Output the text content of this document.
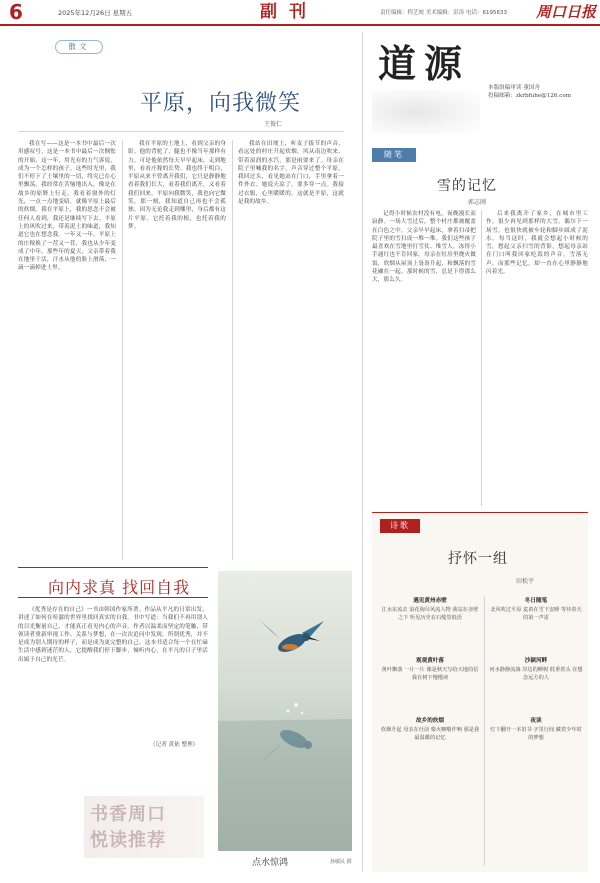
6	2025年12月26日 星期五	副刊	责任编辑：程艺皎 美术编辑：彭涛 电话：6195633 周口日报
散文
平原，向我微笑
王俊仁

我在写——这是一本书中最后一次用感叹号，这是一本书中最后一次惆怅的开始。这一年，用光有的力气诉说，成为一个怎样的孩子。这些时光里，我们不停下了土壤里的一切，终究已在心里飘荡。我经常在苦恼地出入，像是在故乡的原野上行走。我看着窗外的灯光，一点一点地变暗，就像平原上最后的炊烟。我在平原上，我的思念不会被任何人看到，我还是继续写下去。平原上的风吹过来，带着泥土的味道，我知道它也在想念我。一年又一年，平原上的庄稼换了一茬又一茬，我也从少年变成了中年。那些年的夏天，父亲带着我在地里干活，汗水从他的脸上滑落，一滴一滴掉进土里。

我在平原的土地上，看到父亲的身影。他的背驼了，腿也不像当年那样有力。可是他依然每天早早起床，走到地里，看看庄稼的长势。我也终于明白，平原从来不曾离开我们，它只是静静地看着我们长大，看着我们离开，又看着我们回来。平原向我微笑，我也向它微笑。那一刻，我知道自己再也不会孤独。因为无论我走到哪里，身后都有这片平原。它托着我的根，也托着我的梦。

我站在田埂上，听麦子拔节的声音，看远处的村庄升起炊烟。风从南边吹来，带着湿润的水汽，那是雨要来了。母亲在院子里喊我的名字，声音穿过整个平原。我回过头，看见她站在门口，手里拿着一件外衣。她说天凉了，要多穿一点。我接过衣服，心里暖暖的。这就是平原，这就是我的故乡。

向内求真 找回自我

《优秀是存在的自己》一书由韩国作家所著。作品从平凡的日常出发，讲述了如何在喧嚣的世界里找回真实的自我。书中写道：当我们不再用别人的目光衡量自己，才能真正看见内心的声音。作者以温柔而坚定的笔触，带领读者重新审视工作、关系与梦想，在一次次追问中发现，所谓优秀，并不是成为别人期待的样子，而是成为更完整的自己。这本书适合每一个在忙碌生活中感到迷茫的人，它提醒我们停下脚步，倾听内心，在平凡的日子里活出属于自己的光芒。

（记者 黄依 整理）
书香周口
悦读推荐
点水惊鸿	孙敏民 摄
道源
本版组稿审读 董国舟
投稿邮箱：zkrbfuhe@126.com
随笔
雪的记忆
郭志刚

记得小时候农村没有电，夜晚漫长而寂静。一场大雪过后，整个村庄都被覆盖在白色之中。父亲早早起床，拿着扫帚把院子里的雪扫成一堆一堆。我们这些孩子最喜欢在雪地里打雪仗、堆雪人，冻得小手通红也不肯回家。母亲在灶房里烧火做饭，炊烟从屋顶上袅袅升起，和飘落的雪花融在一起。那时候的雪，总是下得那么大，那么久。

后来我离开了家乡，在城市里工作，很少再见到那样的大雪。偶尔下一场雪，也很快就被车轮和脚步踩成了泥水。每当这时，我就会想起小时候的雪，想起父亲扫雪的背影，想起母亲站在门口叫我回家吃饭的声音。雪落无声，而那些记忆，却一直在心里静静地闪着光。

诗歌
抒怀一组
田松平
遇见黄州赤壁
江水东流去 浪花淘尽风流人物 我站在赤壁之下 听见历史在石缝里低语
观观黄叶落
黄叶飘落 一片一片 像是秋天写给大地的信 我在树下慢慢读
故乡的炊烟
炊烟升起 母亲在灶前 柴火噼啪作响 那是我最温暖的记忆
冬日随笔
北风吹过平原 麦苗在雪下安睡 等待春天的第一声雷
沙颍河畔
河水静静流淌 岸边的柳树 低垂着头 在想念远方的人
夜读
灯下翻开一本旧书 字里行间 藏着少年时的梦想
